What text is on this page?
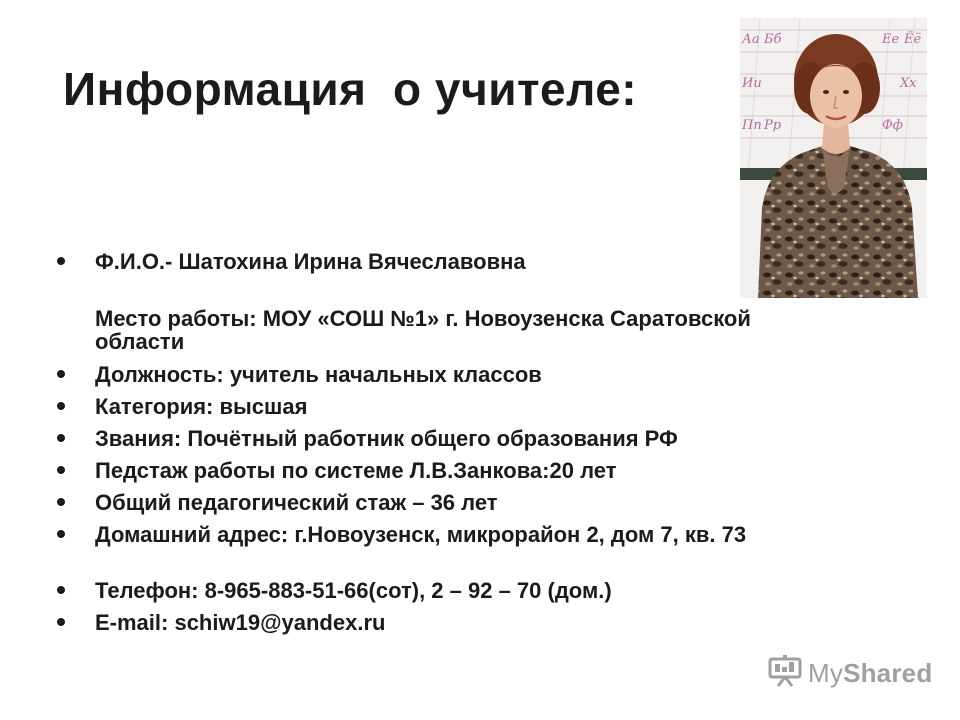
Информация  о учителе:
Аа Бб	Ее Ёё
Ии	Хх
Пп Рр	Фф
Ф.И.О.- Шатохина Ирина Вячеславовна
Место работы: МОУ «СОШ №1» г. Новоузенска Саратовской области
Должность: учитель начальных классов
Категория: высшая
Звания: Почётный работник общего образования РФ
Педстаж работы по системе Л.В.Занкова:20 лет
Общий педагогический стаж – 36 лет
Домашний адрес: г.Новоузенск, микрорайон 2, дом 7, кв. 73
Телефон: 8-965-883-51-66(сот), 2 – 92 – 70 (дом.)
E-mail: schiw19@yandex.ru
MyShared
